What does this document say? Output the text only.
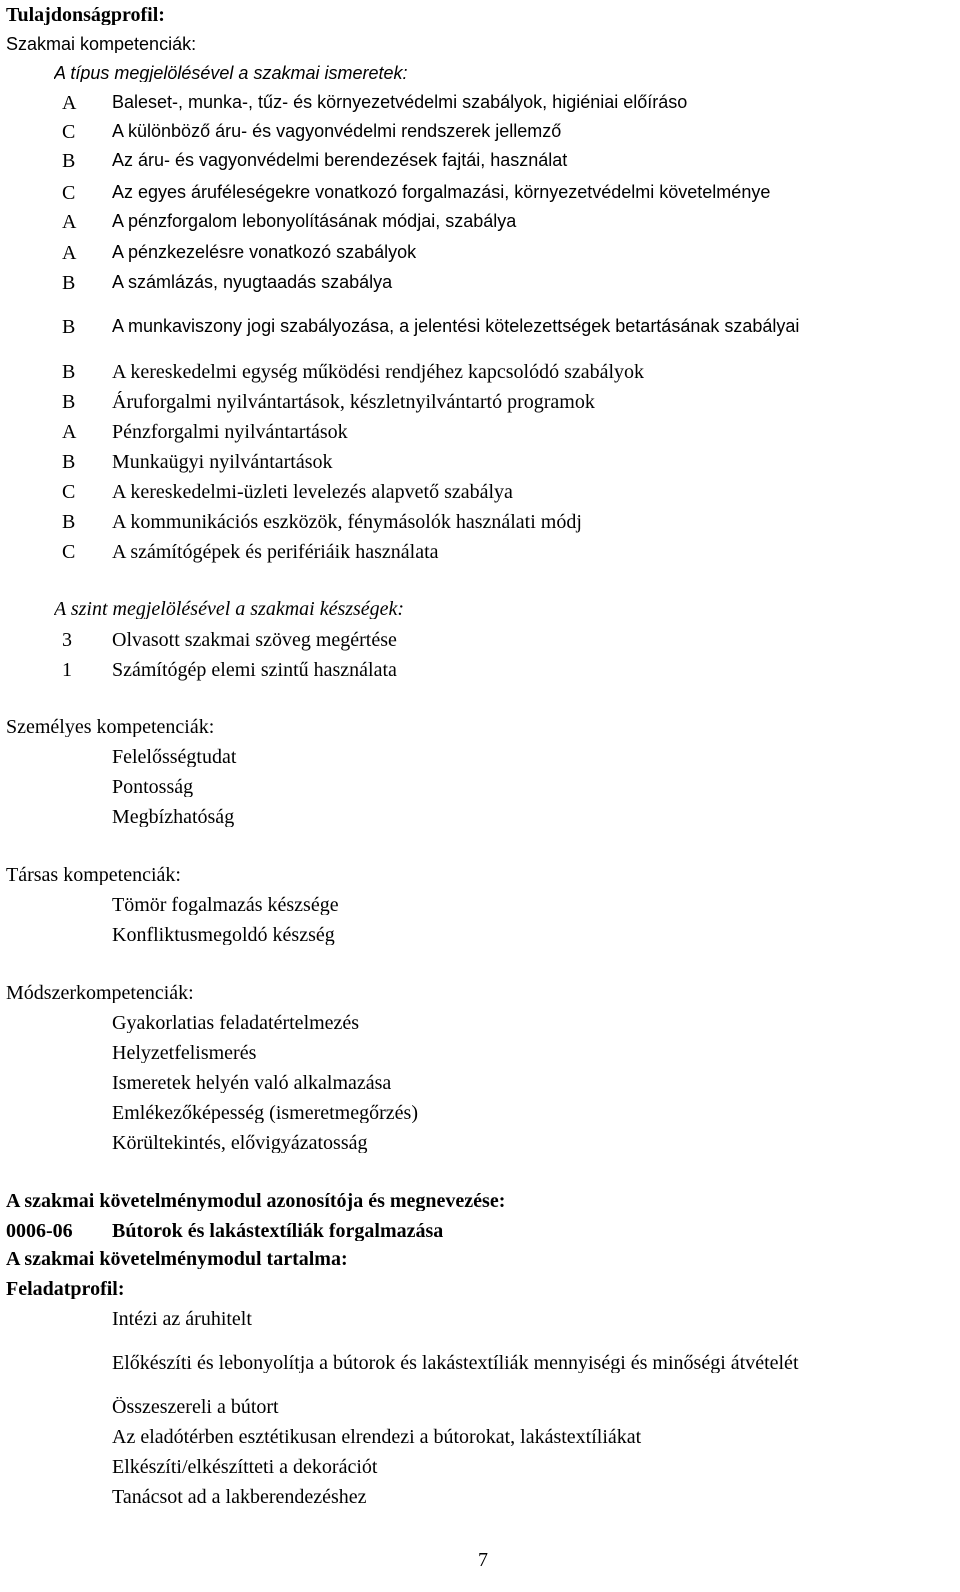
Tulajdonságprofil:
Szakmai kompetenciák:
A típus megjelölésével a szakmai ismeretek:
A	Baleset-, munka-, tűz- és környezetvédelmi szabályok, higiéniai előíráso
C	A különböző áru- és vagyonvédelmi rendszerek jellemző
B	Az áru- és vagyonvédelmi berendezések fajtái, használat
C	Az egyes áruféleségekre vonatkozó forgalmazási, környezetvédelmi követelménye
A	A pénzforgalom lebonyolításának módjai, szabálya
A	A pénzkezelésre vonatkozó szabályok
B	A számlázás, nyugtaadás szabálya
B	A munkaviszony jogi szabályozása, a jelentési kötelezettségek betartásának szabályai
B	A kereskedelmi egység működési rendjéhez kapcsolódó szabályok
B	Áruforgalmi nyilvántartások, készletnyilvántartó programok
A	Pénzforgalmi nyilvántartások
B	Munkaügyi nyilvántartások
C	A kereskedelmi-üzleti levelezés alapvető szabálya
B	A kommunikációs eszközök, fénymásolók használati módj
C	A számítógépek és perifériáik használata
A szint megjelölésével a szakmai készségek:
3	Olvasott szakmai szöveg megértése
1	Számítógép elemi szintű használata
Személyes kompetenciák:
Felelősségtudat
Pontosság
Megbízhatóság
Társas kompetenciák:
Tömör fogalmazás készsége
Konfliktusmegoldó készség
Módszerkompetenciák:
Gyakorlatias feladatértelmezés
Helyzetfelismerés
Ismeretek helyén való alkalmazása
Emlékezőképesség (ismeretmegőrzés)
Körültekintés, elővigyázatosság
A szakmai követelménymodul azonosítója és megnevezése:
0006-06 Bútorok és lakástextíliák forgalmazása
A szakmai követelménymodul tartalma:
Feladatprofil:
Intézi az áruhitelt
Előkészíti és lebonyolítja a bútorok és lakástextíliák mennyiségi és minőségi átvételét
Összeszereli a bútort
Az eladótérben esztétikusan elrendezi a bútorokat, lakástextíliákat
Elkészíti/elkészítteti a dekorációt
Tanácsot ad a lakberendezéshez
7
